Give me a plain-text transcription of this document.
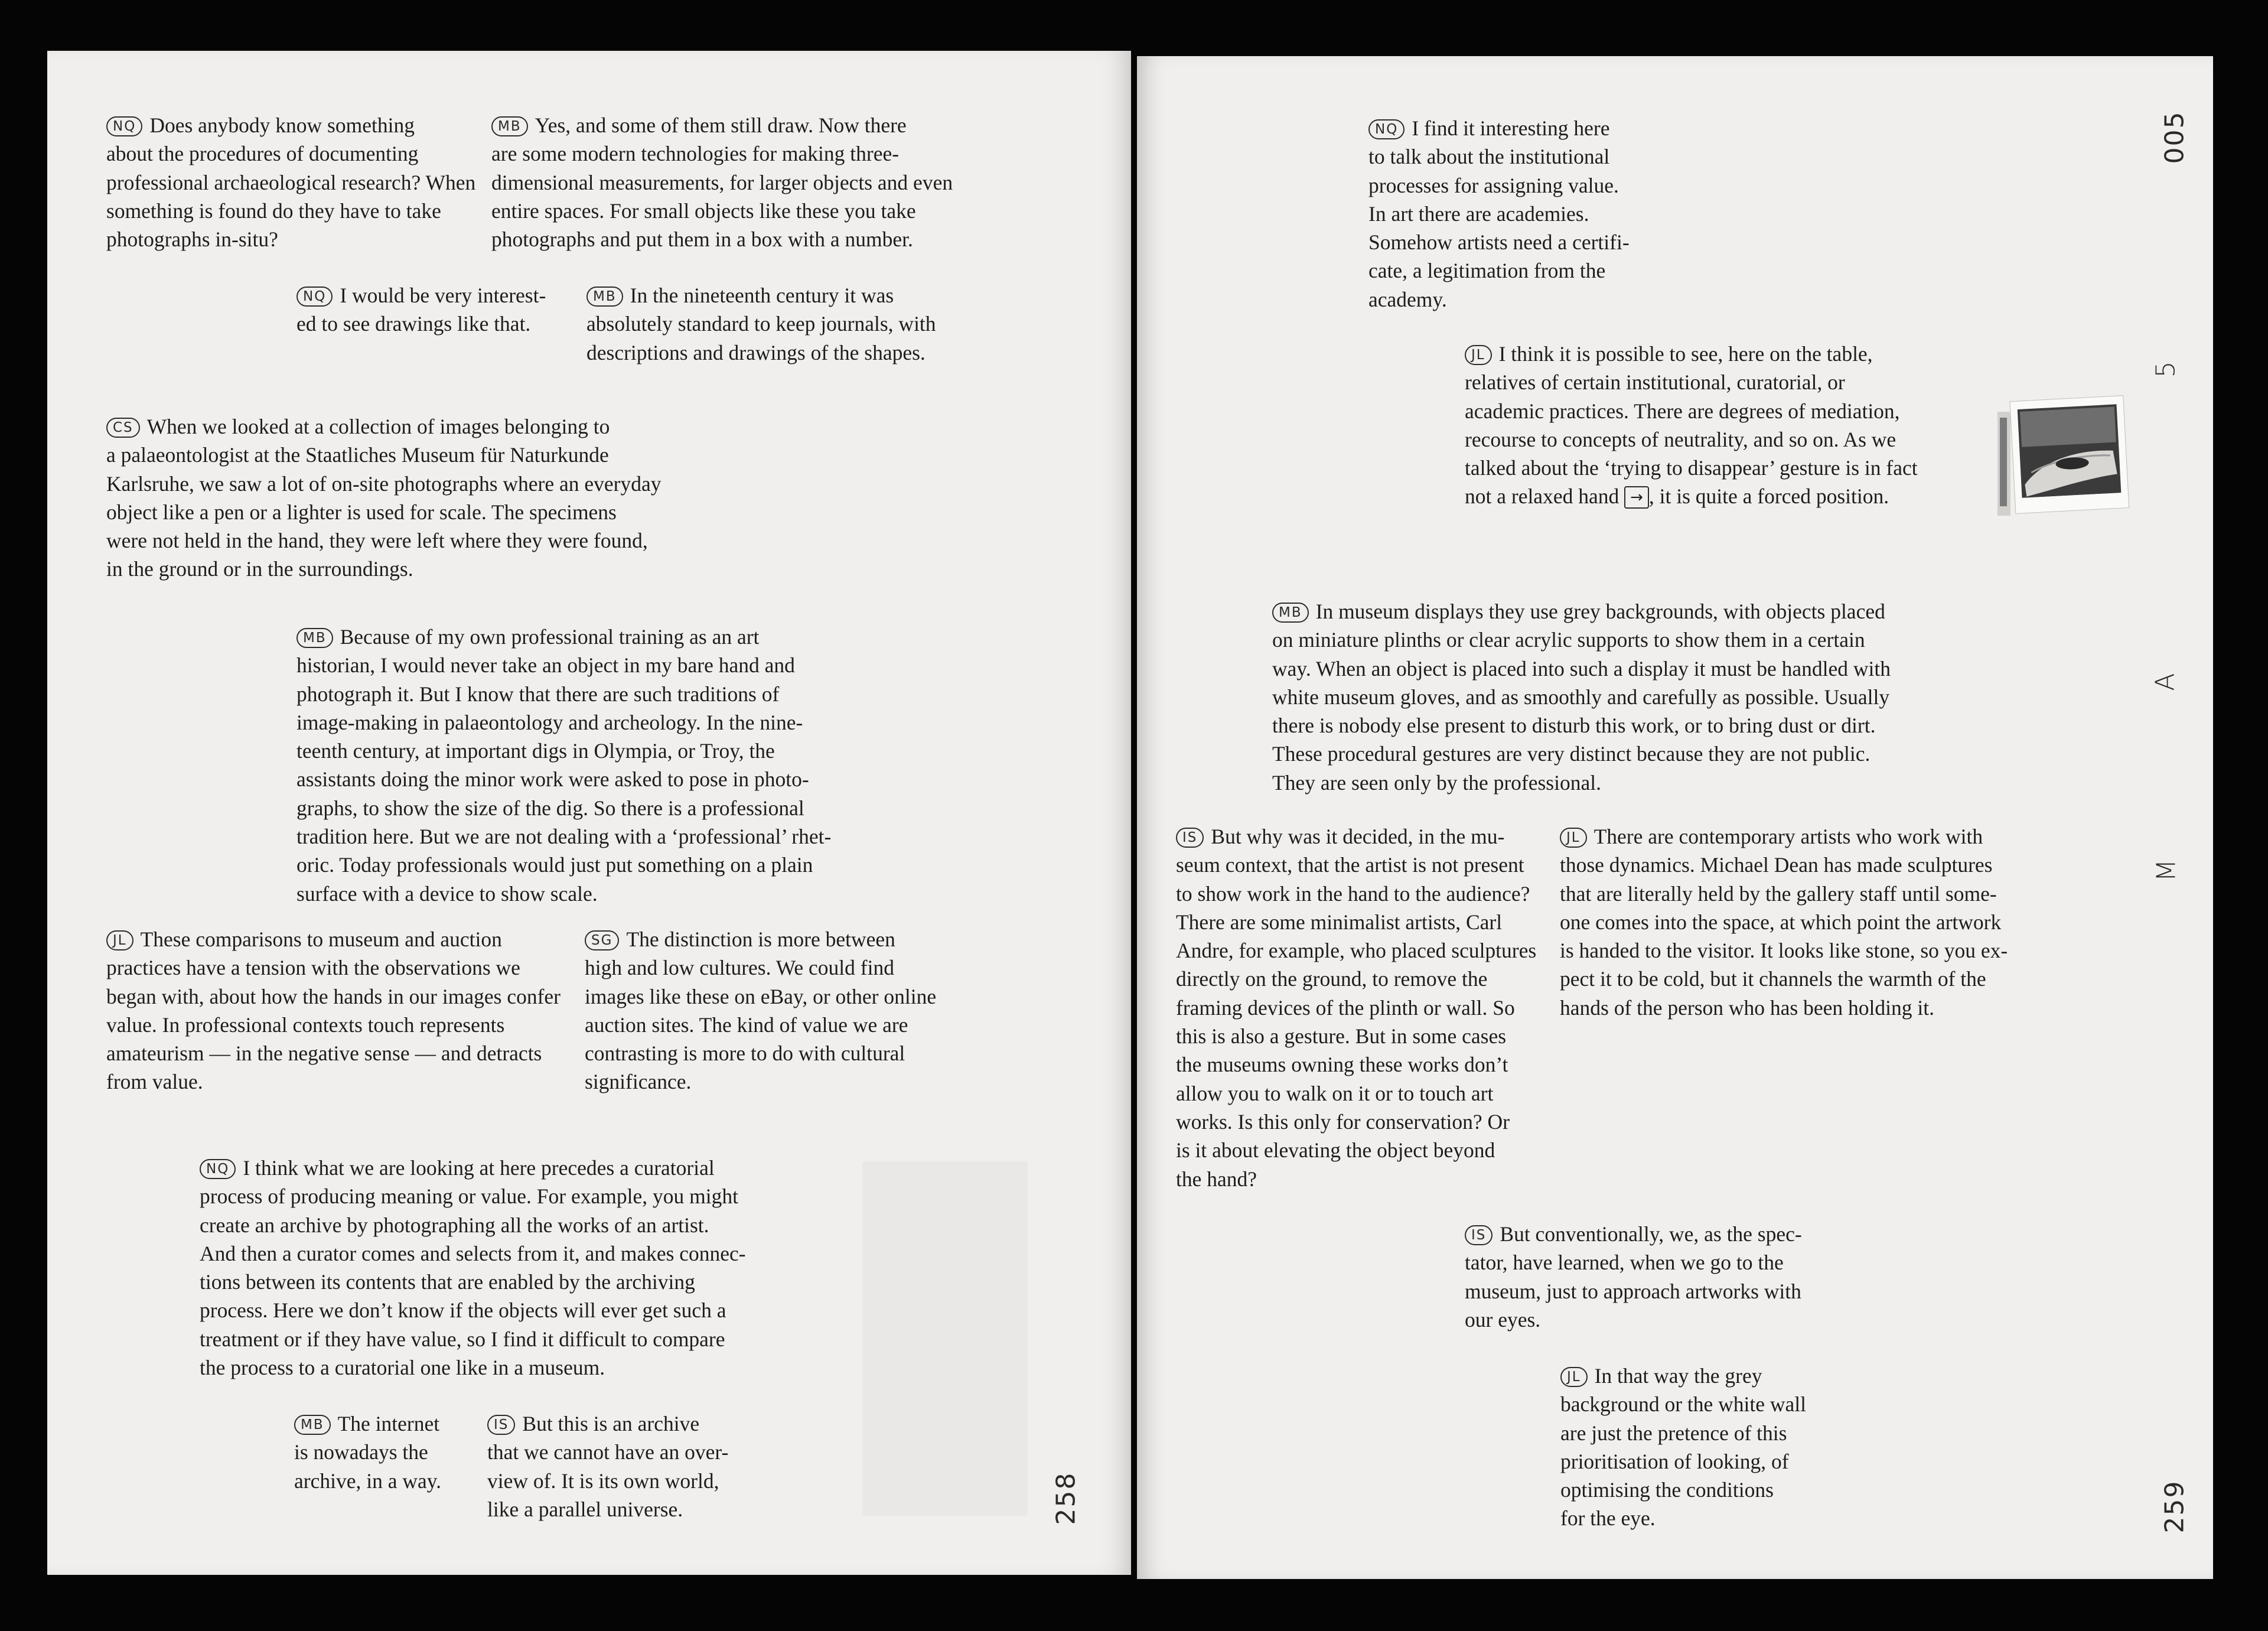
NQ Does anybody know something
about the procedures of documenting
professional archaeological research? When
something is found do they have to take
photographs in-situ?
MB Yes, and some of them still draw. Now there
are some modern technologies for making three-
dimensional measurements, for larger objects and even
entire spaces. For small objects like these you take
photographs and put them in a box with a number.
NQ I would be very interest-
ed to see drawings like that.
MB In the nineteenth century it was
absolutely standard to keep journals, with
descriptions and drawings of the shapes.
CS When we looked at a collection of images belonging to
a palaeontologist at the Staatliches Museum für Naturkunde
Karlsruhe, we saw a lot of on-site photographs where an everyday
object like a pen or a lighter is used for scale. The specimens
were not held in the hand, they were left where they were found,
in the ground or in the surroundings.
MB Because of my own professional training as an art
historian, I would never take an object in my bare hand and
photograph it. But I know that there are such traditions of
image-making in palaeontology and archeology. In the nine-
teenth century, at important digs in Olympia, or Troy, the
assistants doing the minor work were asked to pose in photo-
graphs, to show the size of the dig. So there is a professional
tradition here. But we are not dealing with a ‘professional’ rhet-
oric. Today professionals would just put something on a plain
surface with a device to show scale.
JL These comparisons to museum and auction
practices have a tension with the observations we
began with, about how the hands in our images confer
value. In professional contexts touch represents
amateurism — in the negative sense — and detracts
from value.
SG The distinction is more between
high and low cultures. We could find
images like these on eBay, or other online
auction sites. The kind of value we are
contrasting is more to do with cultural
significance.
NQ I think what we are looking at here precedes a curatorial
process of producing meaning or value. For example, you might
create an archive by photographing all the works of an artist.
And then a curator comes and selects from it, and makes connec-
tions between its contents that are enabled by the archiving
process. Here we don’t know if the objects will ever get such a
treatment or if they have value, so I find it difficult to compare
the process to a curatorial one like in a museum.
MB The internet
is nowadays the
archive, in a way.
IS But this is an archive
that we cannot have an over-
view of. It is its own world,
like a parallel universe.	258
NQ I find it interesting here
to talk about the institutional
processes for assigning value.
In art there are academies.
Somehow artists need a certifi-
cate, a legitimation from the
academy.
JL I think it is possible to see, here on the table,
relatives of certain institutional, curatorial, or
academic practices. There are degrees of mediation,
recourse to concepts of neutrality, and so on. As we
talked about the ‘trying to disappear’ gesture is in fact
not a relaxed hand → , it is quite a forced position.
MB In museum displays they use grey backgrounds, with objects placed
on miniature plinths or clear acrylic supports to show them in a certain
way. When an object is placed into such a display it must be handled with
white museum gloves, and as smoothly and carefully as possible. Usually
there is nobody else present to disturb this work, or to bring dust or dirt.
These procedural gestures are very distinct because they are not public.
They are seen only by the professional.
IS But why was it decided, in the mu-
seum context, that the artist is not present
to show work in the hand to the audience?
There are some minimalist artists, Carl
Andre, for example, who placed sculptures
directly on the ground, to remove the
framing devices of the plinth or wall. So
this is also a gesture. But in some cases
the museums owning these works don’t
allow you to walk on it or to touch art
works. Is this only for conservation? Or
is it about elevating the object beyond
the hand?
JL There are contemporary artists who work with
those dynamics. Michael Dean has made sculptures
that are literally held by the gallery staff until some-
one comes into the space, at which point the artwork
is handed to the visitor. It looks like stone, so you ex-
pect it to be cold, but it channels the warmth of the
hands of the person who has been holding it.
IS But conventionally, we, as the spec-
tator, have learned, when we go to the
museum, just to approach artworks with
our eyes.
JL In that way the grey
background or the white wall
are just the pretence of this
prioritisation of looking, of
optimising the conditions
for the eye.
005
5
A
M
259
